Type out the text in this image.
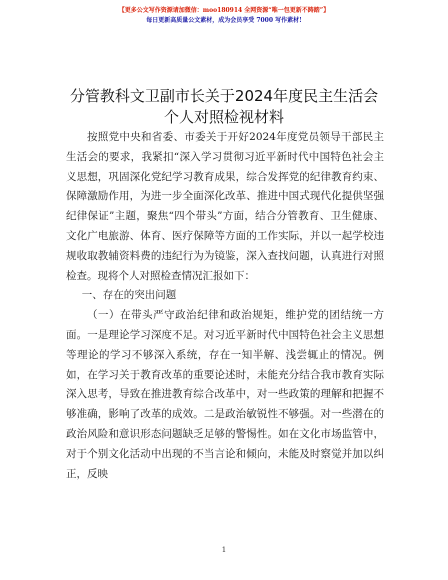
【更多公文写作资源请加微信：moo180914 全网资源“唯一包更新不踌踏”】
每日更新高质量公文素材，成为会员享受 7000 写作素材!
分管教科文卫副市长关于2024年度民主生活会
个人对照检视材料

按照党中央和省委、市委关于开好2024年度党员领导干部民主生活会的要求，我紧扣“深入学习贯彻习近平新时代中国特色社会主义思想，巩固深化党纪学习教育成果，综合发挥党的纪律教育约束、保障激励作用，为进一步全面深化改革、推进中国式现代化提供坚强纪律保证”主题，聚焦“四个带头”方面，结合分管教育、卫生健康、文化广电旅游、体育、医疗保障等方面的工作实际，并以一起学校违规收取教辅资料费的违纪行为为镜鉴，深入查找问题，认真进行对照检查。现将个人对照检查情况汇报如下：

一、存在的突出问题

（一）在带头严守政治纪律和政治规矩，维护党的团结统一方面。一是理论学习深度不足。对习近平新时代中国特色社会主义思想等理论的学习不够深入系统，存在一知半解、浅尝辄止的情况。例如，在学习关于教育改革的重要论述时，未能充分结合我市教育实际深入思考，导致在推进教育综合改革中，对一些政策的理解和把握不够准确，影响了改革的成效。二是政治敏锐性不够强。对一些潜在的政治风险和意识形态问题缺乏足够的警惕性。如在文化市场监管中，对于个别文化活动中出现的不当言论和倾向，未能及时察觉并加以纠正，反映

1
